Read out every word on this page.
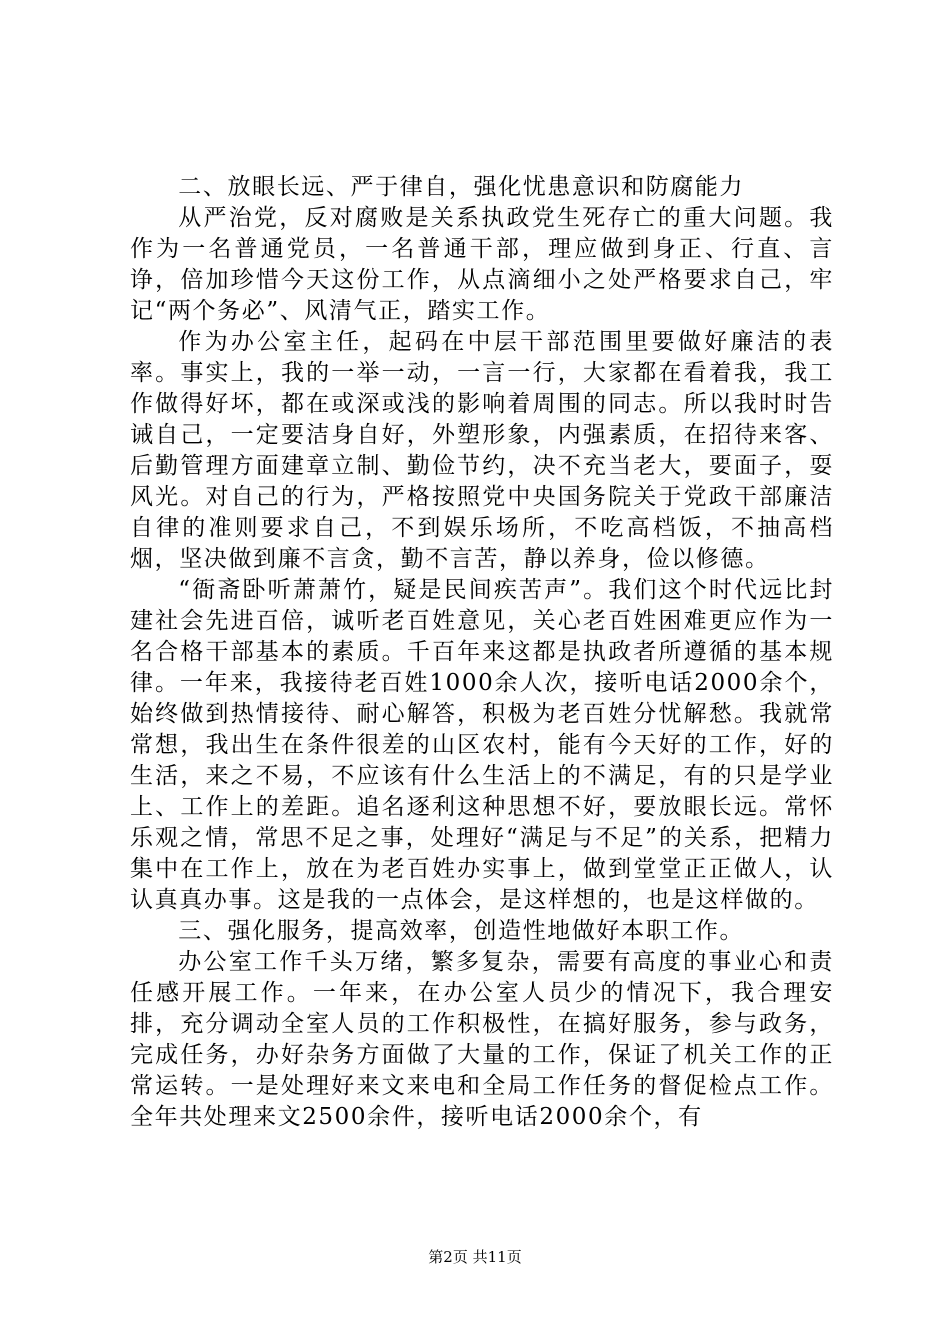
二、放眼长远、严于律自，强化忧患意识和防腐能力

从严治党，反对腐败是关系执政党生死存亡的重大问题。我作为一名普通党员，一名普通干部，理应做到身正、行直、言诤，倍加珍惜今天这份工作，从点滴细小之处严格要求自己，牢记“两个务必”、风清气正，踏实工作。

作为办公室主任，起码在中层干部范围里要做好廉洁的表率。事实上，我的一举一动，一言一行，大家都在看着我，我工作做得好坏，都在或深或浅的影响着周围的同志。所以我时时告诫自己，一定要洁身自好，外塑形象，内强素质，在招待来客、后勤管理方面建章立制、勤俭节约，决不充当老大，要面子，耍风光。对自己的行为，严格按照党中央国务院关于党政干部廉洁自律的准则要求自己，不到娱乐场所，不吃高档饭，不抽高档烟，坚决做到廉不言贪，勤不言苦，静以养身，俭以修德。

“衙斋卧听萧萧竹，疑是民间疾苦声”。我们这个时代远比封建社会先进百倍，诚听老百姓意见，关心老百姓困难更应作为一名合格干部基本的素质。千百年来这都是执政者所遵循的基本规律。一年来，我接待老百姓1000余人次，接听电话2000余个，始终做到热情接待、耐心解答，积极为老百姓分忧解愁。我就常常想，我出生在条件很差的山区农村，能有今天好的工作，好的生活，来之不易，不应该有什么生活上的不满足，有的只是学业上、工作上的差距。追名逐利这种思想不好，要放眼长远。常怀乐观之情，常思不足之事，处理好“满足与不足”的关系，把精力集中在工作上，放在为老百姓办实事上，做到堂堂正正做人，认认真真办事。这是我的一点体会，是这样想的，也是这样做的。

三、强化服务，提高效率，创造性地做好本职工作。

办公室工作千头万绪，繁多复杂，需要有高度的事业心和责任感开展工作。一年来，在办公室人员少的情况下，我合理安排，充分调动全室人员的工作积极性，在搞好服务，参与政务，完成任务，办好杂务方面做了大量的工作，保证了机关工作的正常运转。一是处理好来文来电和全局工作任务的督促检点工作。全年共处理来文2500余件，接听电话2000余个，有

第2页 共11页
